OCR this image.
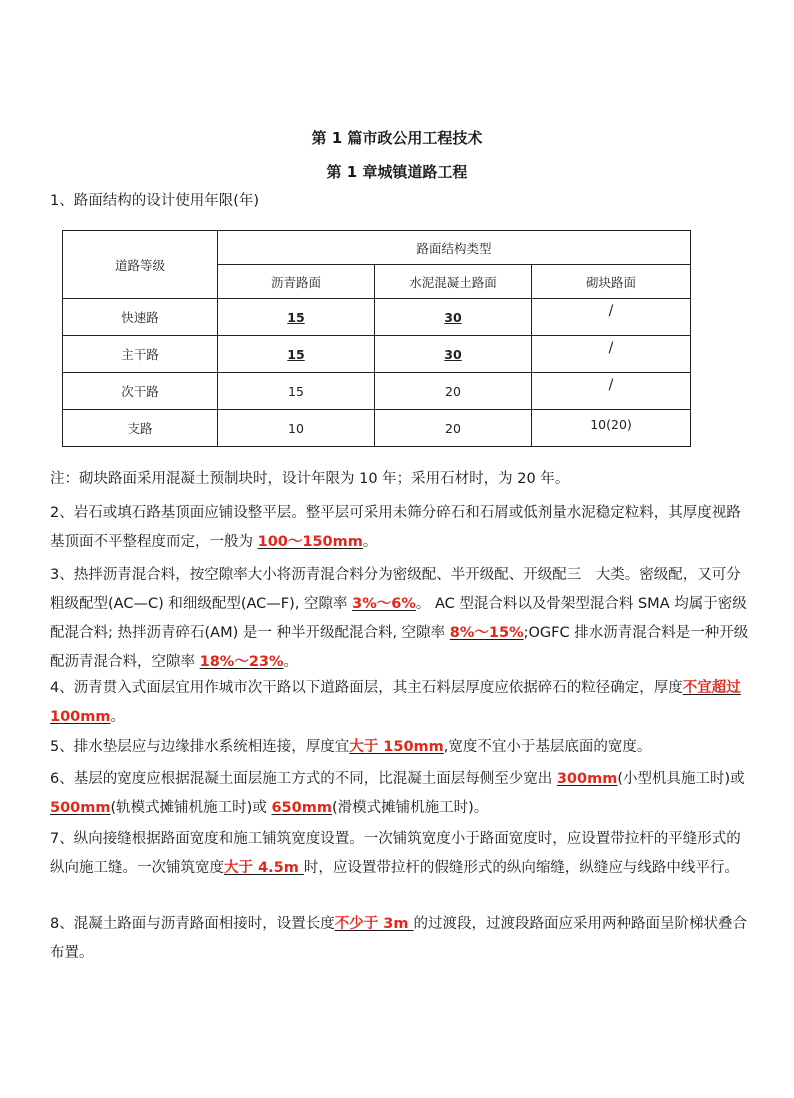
第 1 篇市政公用工程技术
第 1 章城镇道路工程

1、路面结构的设计使用年限(年)

道路等级	路面结构类型		
	沥青路面	水泥混凝土路面	砌块路面
快速路	15	30	/
主干路	15	30	/
次干路	15	20	/
支路	10	20	10(20)

注：砌块路面采用混凝土预制块时，设计年限为 10 年；采用石材时，为 20 年。

2、岩石或填石路基顶面应铺设整平层。整平层可采用未筛分碎石和石屑或低剂量水泥稳定粒料，其厚度视路基顶面不平整程度而定，一般为 100～150mm。

3、热拌沥青混合料，按空隙率大小将沥青混合料分为密级配、半开级配、开级配三　大类。密级配，又可分粗级配型(AC—C) 和细级配型(AC—F), 空隙率 3%～6%。 AC 型混合料以及骨架型混合料 SMA 均属于密级配混合料; 热拌沥青碎石(AM) 是一 种半开级配混合料, 空隙率 8%～15%;OGFC 排水沥青混合料是一种开级配沥青混合料，空隙率 18%～23%。

4、沥青贯入式面层宜用作城市次干路以下道路面层，其主石料层厚度应依据碎石的粒径确定，厚度不宜超过 100mm。

5、排水垫层应与边缘排水系统相连接，厚度宜大于 150mm,宽度不宜小于基层底面的宽度。

6、基层的宽度应根据混凝土面层施工方式的不同，比混凝土面层每侧至少宽出 300mm(小型机具施工时)或 500mm(轨模式摊铺机施工时)或 650mm(滑模式摊铺机施工时)。

7、纵向接缝根据路面宽度和施工铺筑宽度设置。一次铺筑宽度小于路面宽度时，应设置带拉杆的平缝形式的纵向施工缝。一次铺筑宽度大于 4.5m 时，应设置带拉杆的假缝形式的纵向缩缝，纵缝应与线路中线平行。

8、混凝土路面与沥青路面相接时，设置长度不少于 3m 的过渡段，过渡段路面应采用两种路面呈阶梯状叠合布置。
